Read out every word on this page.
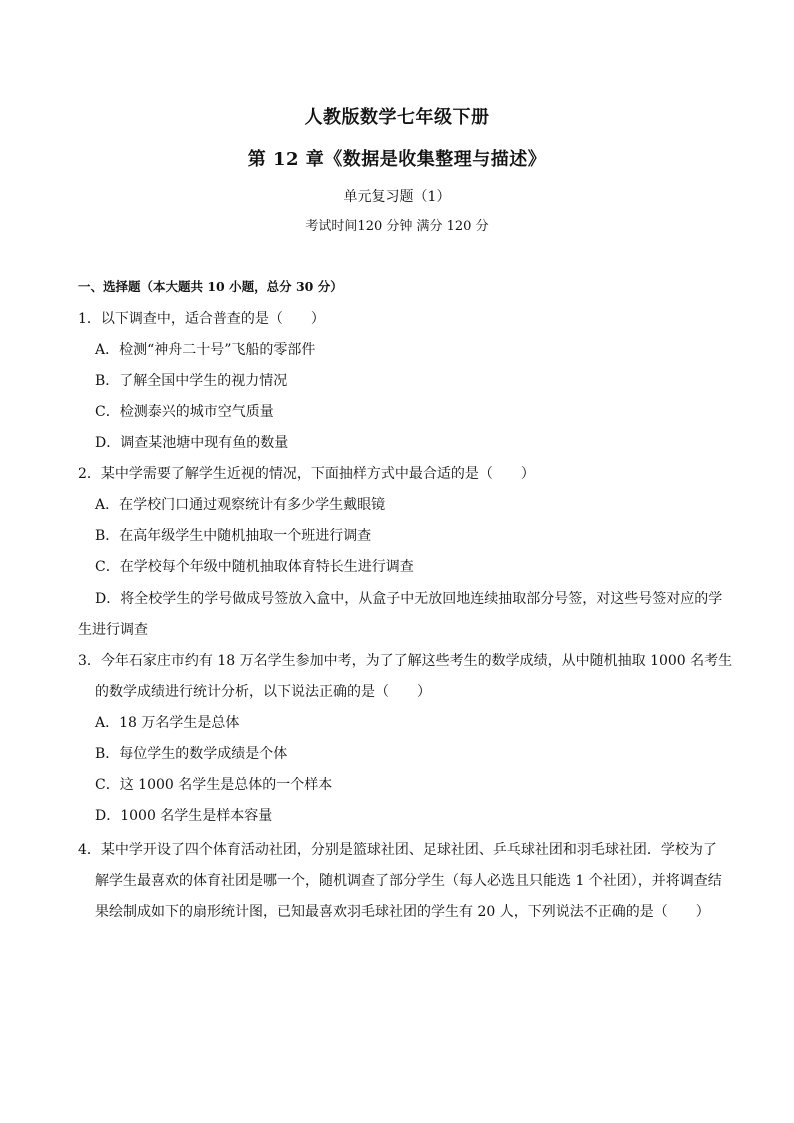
人教版数学七年级下册
第 12 章《数据是收集整理与描述》
单元复习题（1）
考试时间120 分钟 满分 120 分
一、选择题（本大题共 10 小题，总分 30 分）
1．以下调查中，适合普查的是（　　）
A．检测“神舟二十号”飞船的零部件
B．了解全国中学生的视力情况
C．检测泰兴的城市空气质量
D．调查某池塘中现有鱼的数量
2．某中学需要了解学生近视的情况，下面抽样方式中最合适的是（　　）
A．在学校门口通过观察统计有多少学生戴眼镜
B．在高年级学生中随机抽取一个班进行调查
C．在学校每个年级中随机抽取体育特长生进行调查
D．将全校学生的学号做成号签放入盒中，从盒子中无放回地连续抽取部分号签，对这些号签对应的学
生进行调查
3．今年石家庄市约有 18 万名学生参加中考，为了了解这些考生的数学成绩，从中随机抽取 1000 名考生
的数学成绩进行统计分析，以下说法正确的是（　　）
A．18 万名学生是总体
B．每位学生的数学成绩是个体
C．这 1000 名学生是总体的一个样本
D．1000 名学生是样本容量
4．某中学开设了四个体育活动社团，分别是篮球社团、足球社团、乒乓球社团和羽毛球社团．学校为了
解学生最喜欢的体育社团是哪一个，随机调查了部分学生（每人必选且只能选 1 个社团），并将调查结
果绘制成如下的扇形统计图，已知最喜欢羽毛球社团的学生有 20 人，下列说法不正确的是（　　）
